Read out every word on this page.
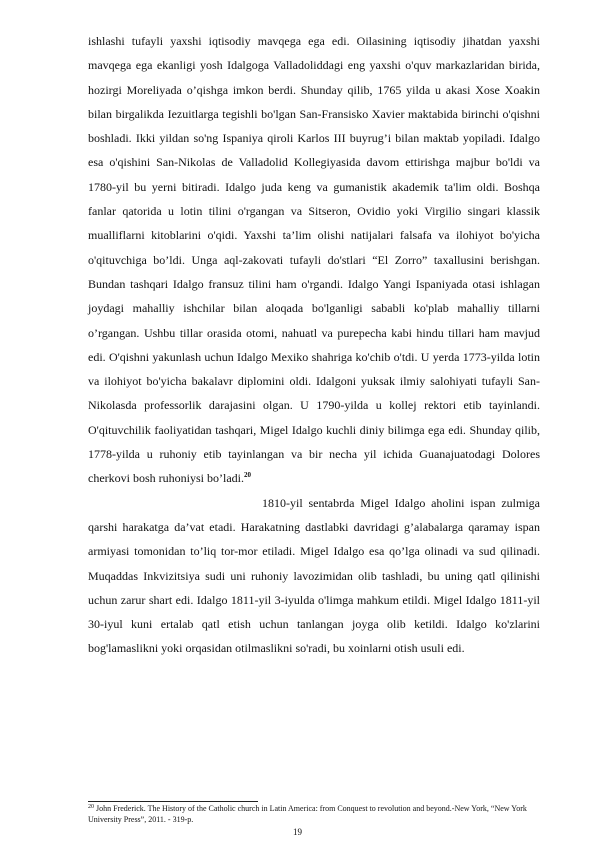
ishlashi tufayli yaxshi iqtisodiy mavqega ega edi. Oilasining iqtisodiy jihatdan yaxshi mavqega ega ekanligi yosh Idalgoga Valladoliddagi eng yaxshi o'quv markazlaridan birida, hozirgi Moreliyada o’qishga imkon berdi. Shunday qilib, 1765 yilda u akasi Xose Xoakin bilan birgalikda Iezuitlarga tegishli bo'lgan San-Fransisko Xavier maktabida birinchi o'qishni boshladi. Ikki yildan so'ng Ispaniya qiroli Karlos III buyrug’i bilan maktab yopiladi. Idalgo esa o'qishini San-Nikolas de Valladolid Kollegiyasida davom ettirishga majbur bo'ldi va 1780-yil bu yerni bitiradi. Idalgo juda keng va gumanistik akademik ta'lim oldi. Boshqa fanlar qatorida u lotin tilini o'rgangan va Sitseron, Ovidio yoki Virgilio singari klassik mualliflarni kitoblarini o'qidi. Yaxshi ta’lim olishi natijalari falsafa va ilohiyot bo'yicha o'qituvchiga bo’ldi. Unga aql-zakovati tufayli do'stlari “El Zorro” taxallusini berishgan. Bundan tashqari Idalgo fransuz tilini ham o'rgandi. Idalgo Yangi Ispaniyada otasi ishlagan joydagi mahalliy ishchilar bilan aloqada bo'lganligi sababli ko'plab mahalliy tillarni o’rgangan. Ushbu tillar orasida otomi, nahuatl va purepecha kabi hindu tillari ham mavjud edi. O'qishni yakunlash uchun Idalgo Mexiko shahriga ko'chib o'tdi. U yerda 1773-yilda lotin va ilohiyot bo'yicha bakalavr diplomini oldi. Idalgoni yuksak ilmiy salohiyati tufayli San-Nikolasda professorlik darajasini olgan. U 1790-yilda u kollej rektori etib tayinlandi. O'qituvchilik faoliyatidan tashqari, Migel Idalgo kuchli diniy bilimga ega edi. Shunday qilib, 1778-yilda u ruhoniy etib tayinlangan va bir necha yil ichida Guanajuatodagi Dolores cherkovi bosh ruhoniysi bo’ladi.$^{20}$

1810-yil sentabrda Migel Idalgo aholini ispan zulmiga qarshi harakatga da’vat etadi. Harakatning dastlabki davridagi g’alabalarga qaramay ispan armiyasi tomonidan to’liq tor-mor etiladi. Migel Idalgo esa qo’lga olinadi va sud qilinadi. Muqaddas Inkvizitsiya sudi uni ruhoniy lavozimidan olib tashladi, bu uning qatl qilinishi uchun zarur shart edi. Idalgo 1811-yil 3-iyulda o'limga mahkum etildi. Migel Idalgo 1811-yil 30-iyul kuni ertalab qatl etish uchun tanlangan joyga olib ketildi. Idalgo ko'zlarini bog'lamaslikni yoki orqasidan otilmaslikni so'radi, bu xoinlarni otish usuli edi.

$^{20}$ John Frederick. The History of the Catholic church in Latin America: from Conquest to revolution and beyond.-New York, “New York University Press”, 2011. - 319-p.
19
